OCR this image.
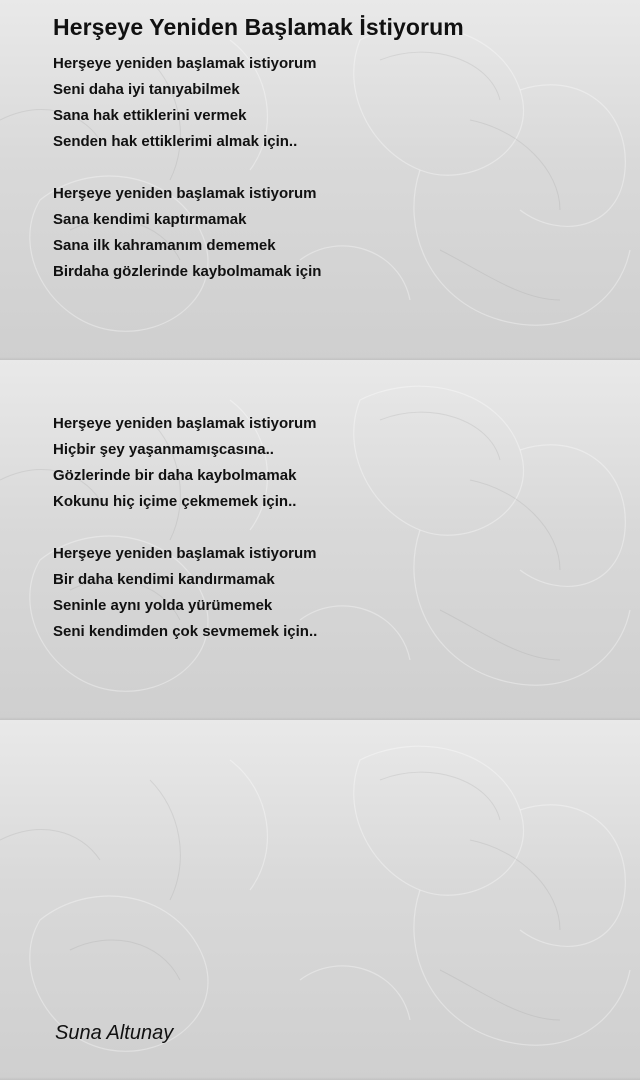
Herşeye Yeniden Başlamak İstiyorum
Herşeye yeniden başlamak istiyorum
Seni daha iyi tanıyabilmek
Sana hak ettiklerini vermek
Senden hak ettiklerimi almak için..
Herşeye yeniden başlamak istiyorum
Sana kendimi kaptırmamak
Sana ilk kahramanım dememek
Birdaha gözlerinde kaybolmamak için
Herşeye yeniden başlamak istiyorum
Hiçbir şey yaşanmamışcasına..
Gözlerinde bir daha kaybolmamak
Kokunu hiç içime çekmemek için..
Herşeye yeniden başlamak istiyorum
Bir daha kendimi kandırmamak
Seninle aynı yolda yürümemek
Seni kendimden çok sevmemek için..

Suna Altunay
